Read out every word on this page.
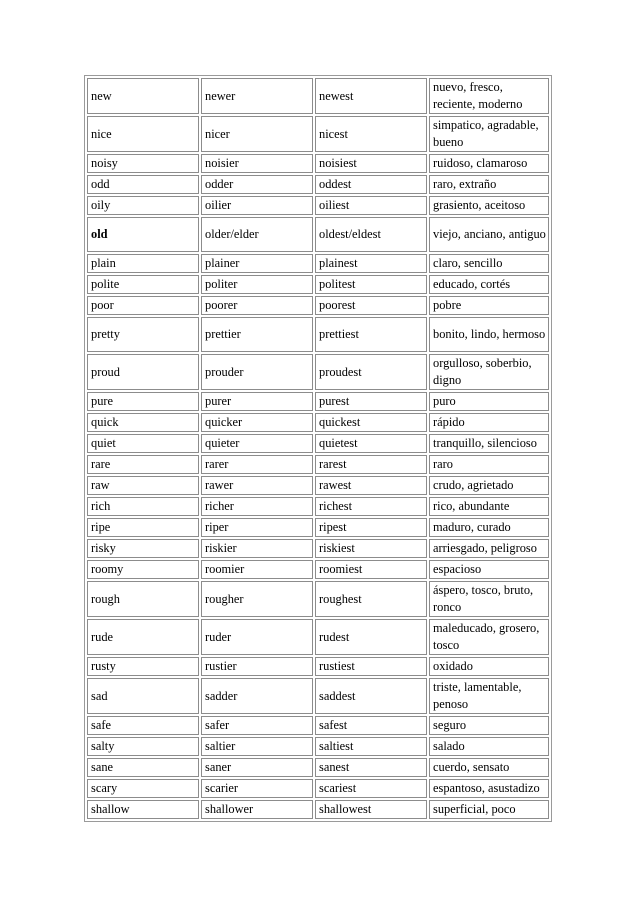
new	newer	newest	nuevo, fresco, reciente, moderno
nice	nicer	nicest	simpatico, agradable, bueno
noisy	noisier	noisiest	ruidoso, clamaroso
odd	odder	oddest	raro, extraño
oily	oilier	oiliest	grasiento, aceitoso
old	older/elder	oldest/eldest	viejo, anciano, antiguo
plain	plainer	plainest	claro, sencillo
polite	politer	politest	educado, cortés
poor	poorer	poorest	pobre
pretty	prettier	prettiest	bonito, lindo, hermoso
proud	prouder	proudest	orgulloso, soberbio, digno
pure	purer	purest	puro
quick	quicker	quickest	rápido
quiet	quieter	quietest	tranquillo, silencioso
rare	rarer	rarest	raro
raw	rawer	rawest	crudo, agrietado
rich	richer	richest	rico, abundante
ripe	riper	ripest	maduro, curado
risky	riskier	riskiest	arriesgado, peligroso
roomy	roomier	roomiest	espacioso
rough	rougher	roughest	áspero, tosco, bruto, ronco
rude	ruder	rudest	maleducado, grosero, tosco
rusty	rustier	rustiest	oxidado
sad	sadder	saddest	triste, lamentable, penoso
safe	safer	safest	seguro
salty	saltier	saltiest	salado
sane	saner	sanest	cuerdo, sensato
scary	scarier	scariest	espantoso, asustadizo
shallow	shallower	shallowest	superficial, poco
